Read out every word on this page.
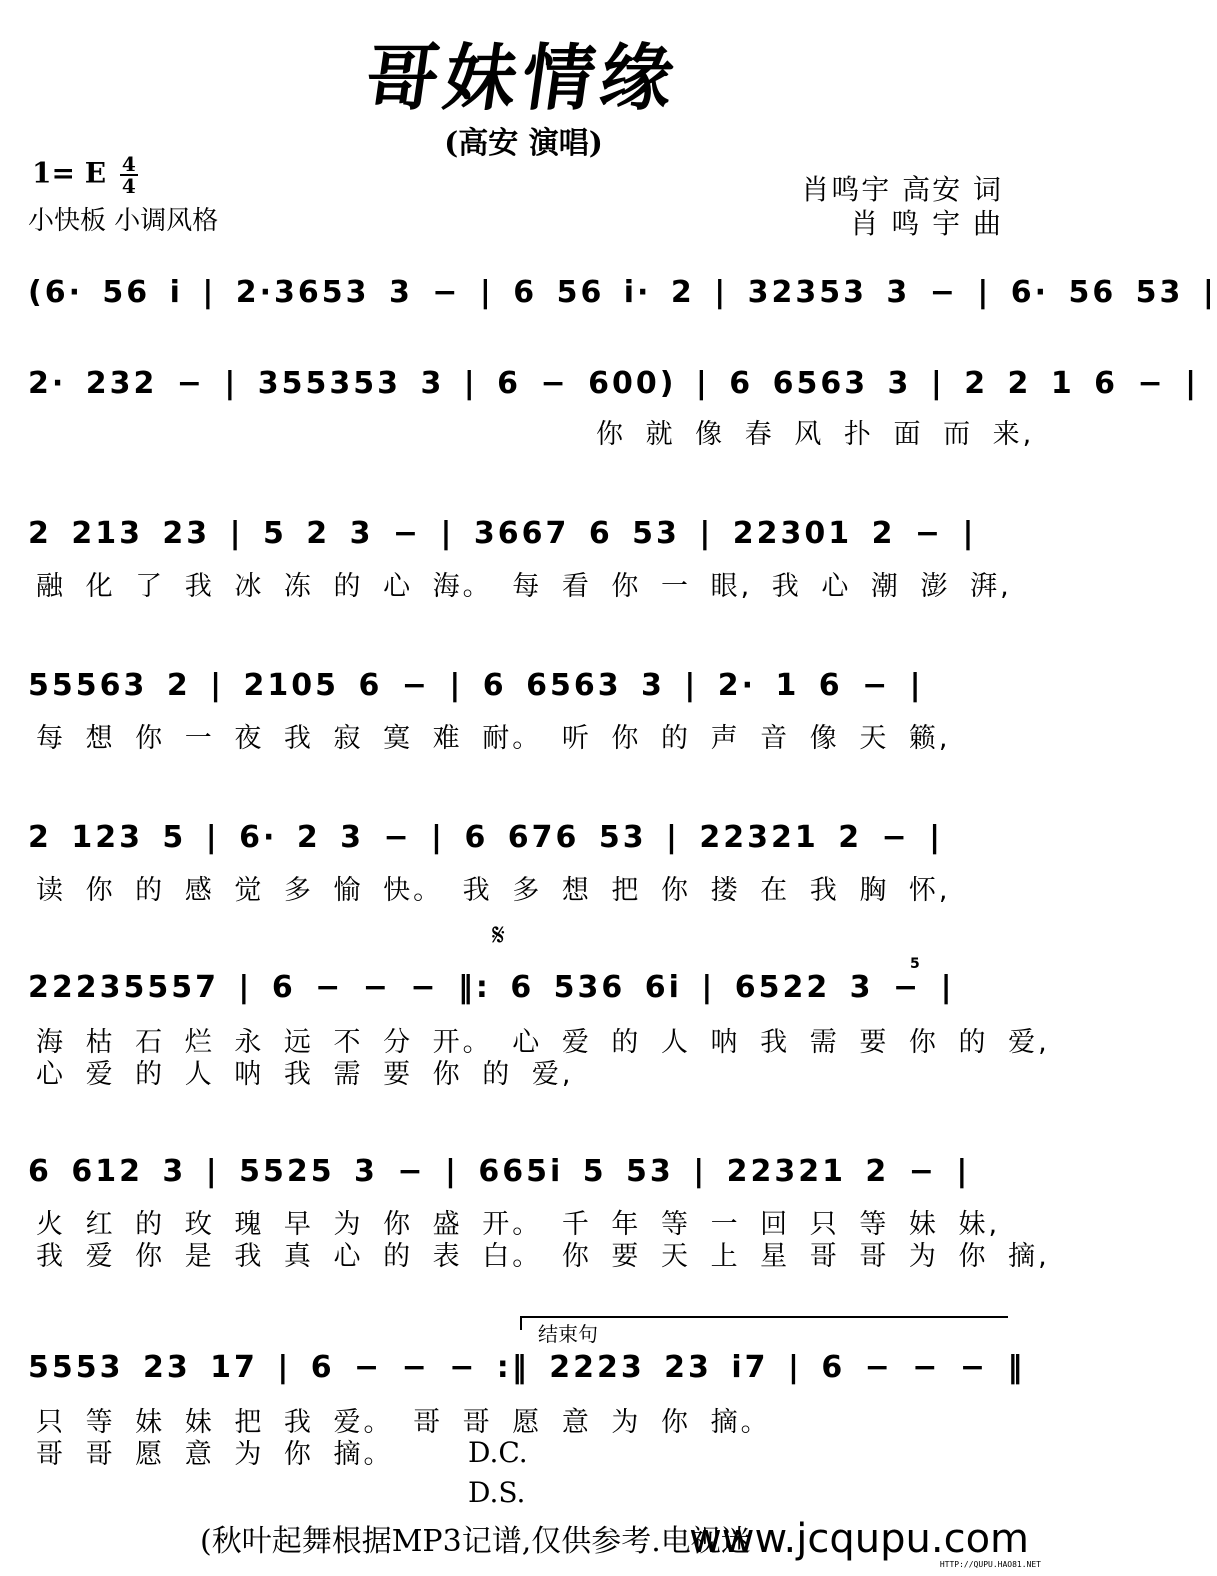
哥妹情缘
(高安 演唱)
1= E $\frac{4}{4}$
小快板 小调风格
肖鸣宇 高安 词
肖 鸣 宇 曲
(6· 56 i | 2·3653 3 − | 6 56 i· 2 | 32353 3 − | 6· 56 53 |
2· 232 − | 355353 3 | 6 − 600) | 6 6563 3 | 2 2 1 6 − |
你 就 像 春 风 扑 面 而 来,
2 213 23 | 5 2 3 − | 3667 6 53 | 22301 2 − |
融 化 了 我 冰 冻 的 心 海。 每 看 你 一 眼, 我 心 潮 澎 湃,
55563 2 | 2105 6 − | 6 6563 3 | 2· 1 6 − |
每 想 你 一 夜 我 寂 寞 难 耐。 听 你 的 声 音 像 天 籁,
2 123 5 | 6· 2 3 − | 6 676 53 | 22321 2 − |
读 你 的 感 觉 多 愉 快。 我 多 想 把 你 搂 在 我 胸 怀,
𝄋
22235557 | 6 − − − ‖: 6 536 6i | 6522 3 − |
5
海 枯 石 烂 永 远 不 分 开。 心 爱 的 人 呐 我 需 要 你 的 爱,
心 爱 的 人 呐 我 需 要 你 的 爱,
6 612 3 | 5525 3 − | 665i 5 53 | 22321 2 − |
火 红 的 玫 瑰 早 为 你 盛 开。 千 年 等 一 回 只 等 妹 妹,
我 爱 你 是 我 真 心 的 表 白。 你 要 天 上 星 哥 哥 为 你 摘,
结束句
5553 23 17 | 6 − − − :‖ 2223 23 i7 | 6 − − − ‖
只 等 妹 妹 把 我 爱。 哥 哥 愿 意 为 你 摘。
哥 哥 愿 意 为 你 摘。	D.C.
D.S.
(秋叶起舞根据MP3记谱,仅供参考.电视迷
www.jcqupu.com
HTTP://QUPU.HAO81.NET
